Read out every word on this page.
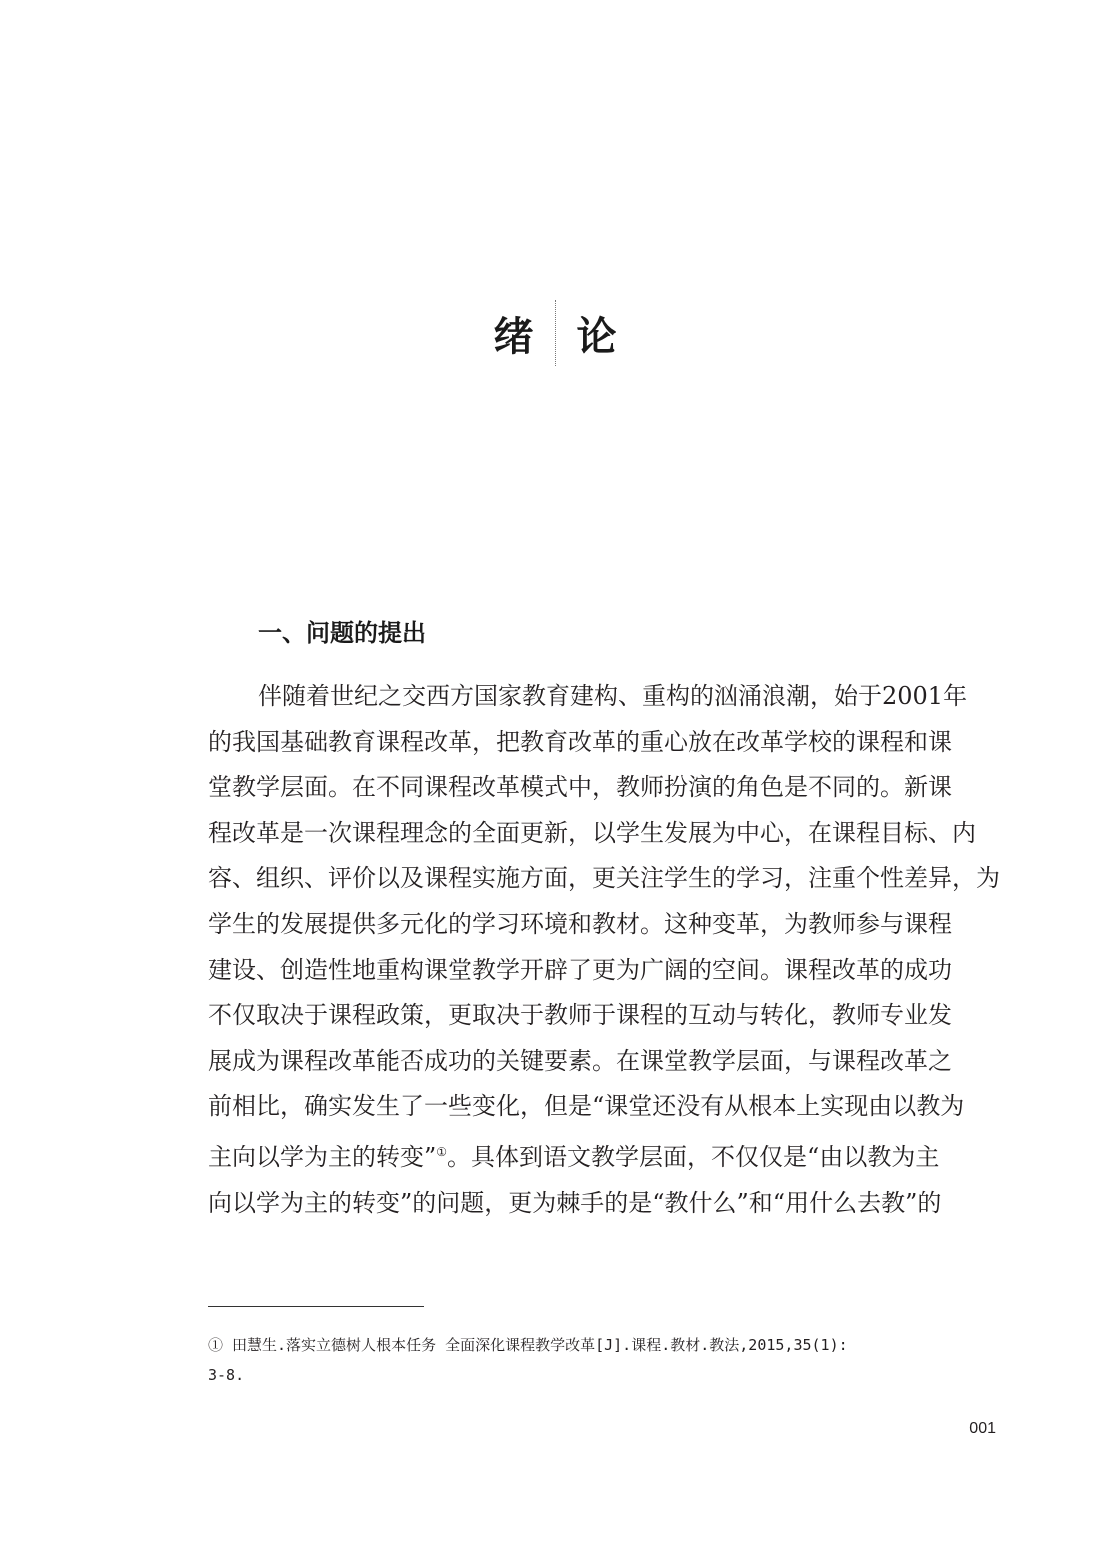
绪 论
一、问题的提出
伴随着世纪之交西方国家教育建构、重构的汹涌浪潮，始于2001年
的我国基础教育课程改革，把教育改革的重心放在改革学校的课程和课
堂教学层面。在不同课程改革模式中，教师扮演的角色是不同的。新课
程改革是一次课程理念的全面更新，以学生发展为中心，在课程目标、内
容、组织、评价以及课程实施方面，更关注学生的学习，注重个性差异，为
学生的发展提供多元化的学习环境和教材。这种变革，为教师参与课程
建设、创造性地重构课堂教学开辟了更为广阔的空间。课程改革的成功
不仅取决于课程政策，更取决于教师于课程的互动与转化，教师专业发
展成为课程改革能否成功的关键要素。在课堂教学层面，与课程改革之
前相比，确实发生了一些变化，但是“课堂还没有从根本上实现由以教为
主向以学为主的转变”①。具体到语文教学层面，不仅仅是“由以教为主
向以学为主的转变”的问题，更为棘手的是“教什么”和“用什么去教”的
① 田慧生.落实立德树人根本任务 全面深化课程教学改革[J].课程.教材.教法,2015,35(1):
3-8.
001
